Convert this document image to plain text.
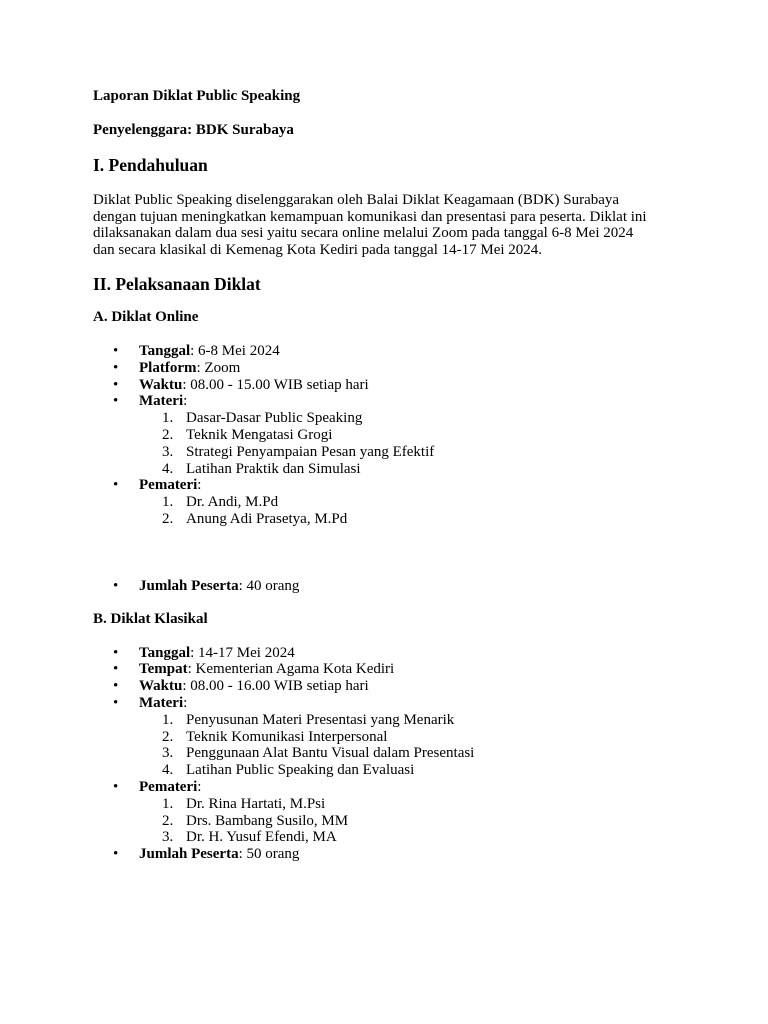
Laporan Diklat Public Speaking

Penyelenggara: BDK Surabaya

I. Pendahuluan

Diklat Public Speaking diselenggarakan oleh Balai Diklat Keagamaan (BDK) Surabaya

dengan tujuan meningkatkan kemampuan komunikasi dan presentasi para peserta. Diklat ini

dilaksanakan dalam dua sesi yaitu secara online melalui Zoom pada tanggal 6-8 Mei 2024

dan secara klasikal di Kemenag Kota Kediri pada tanggal 14-17 Mei 2024.

II. Pelaksanaan Diklat

A. Diklat Online

• Tanggal: 6-8 Mei 2024
• Platform: Zoom
• Waktu: 08.00 - 15.00 WIB setiap hari
• Materi:
1. Dasar-Dasar Public Speaking
2. Teknik Mengatasi Grogi
3. Strategi Penyampaian Pesan yang Efektif
4. Latihan Praktik dan Simulasi
• Pemateri:
1. Dr. Andi, M.Pd
2. Anung Adi Prasetya, M.Pd
• Jumlah Peserta: 40 orang

B. Diklat Klasikal

• Tanggal: 14-17 Mei 2024
• Tempat: Kementerian Agama Kota Kediri
• Waktu: 08.00 - 16.00 WIB setiap hari
• Materi:
1. Penyusunan Materi Presentasi yang Menarik
2. Teknik Komunikasi Interpersonal
3. Penggunaan Alat Bantu Visual dalam Presentasi
4. Latihan Public Speaking dan Evaluasi
• Pemateri:
1. Dr. Rina Hartati, M.Psi
2. Drs. Bambang Susilo, MM
3. Dr. H. Yusuf Efendi, MA
• Jumlah Peserta: 50 orang
